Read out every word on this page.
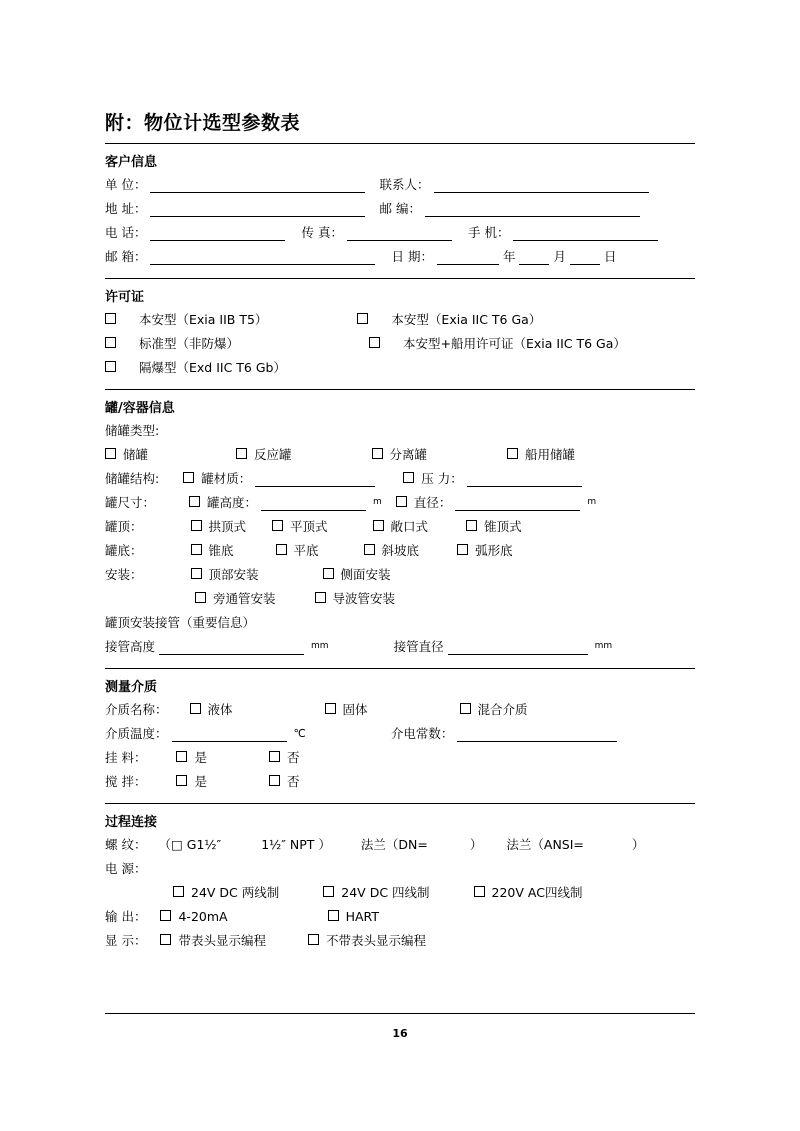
附：物位计选型参数表
客户信息
单 位：	联系人：
地 址：	邮 编：
电 话：	传 真：	手 机：
邮 箱：	日 期：	年	月	日
许可证
本安型（Exia IIB T5）	本安型（Exia IIC T6 Ga）
标准型（非防爆）	本安型+船用许可证（Exia IIC T6 Ga）
隔爆型（Exd IIC T6 Gb）
罐/容器信息
储罐类型:
储罐	反应罐	分离罐	船用储罐
储罐结构:	罐材质：	压 力：
罐尺寸：	罐高度：	m	直径：	m
罐顶：	拱顶式	平顶式	敞口式	锥顶式
罐底：	锥底	平底	斜坡底	弧形底
安装：	顶部安装	侧面安装
旁通管安装	导波管安装
罐顶安装接管（重要信息）
接管高度	mm	接管直径	mm
测量介质
介质名称：	液体	固体	混合介质
介质温度：	℃	介电常数：
挂 料：	是	否
搅 拌：	是	否
过程连接
螺 纹： （□ G1½″	1½″ NPT ） 法兰（DN=	） 法兰（ANSI=	）
电 源：
24V DC 两线制	24V DC 四线制	220V AC四线制
输 出：	4-20mA	HART
显 示：	带表头显示编程	不带表头显示编程
16
